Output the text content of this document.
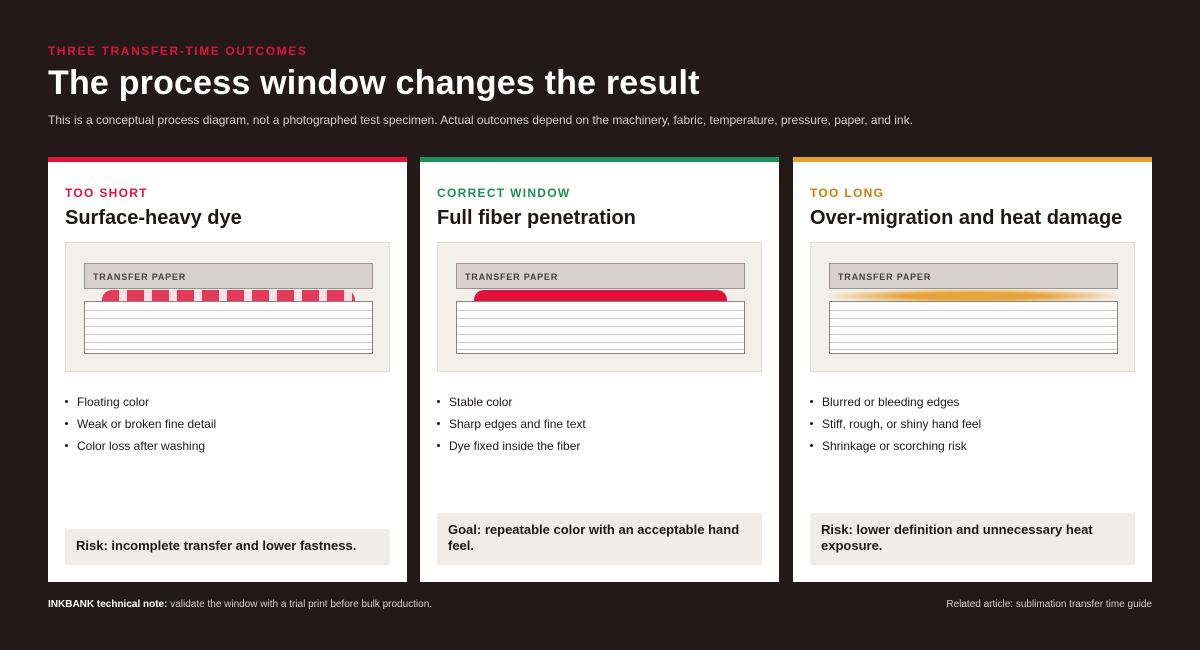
THREE TRANSFER-TIME OUTCOMES
The process window changes the result
This is a conceptual process diagram, not a photographed test specimen. Actual outcomes depend on the machinery, fabric, temperature, pressure, paper, and ink.
TOO SHORT
Surface-heavy dye
TRANSFER PAPER
Floating color
Weak or broken fine detail
Color loss after washing
Risk: incomplete transfer and lower fastness.
CORRECT WINDOW
Full fiber penetration
TRANSFER PAPER
Stable color
Sharp edges and fine text
Dye fixed inside the fiber
Goal: repeatable color with an acceptable hand feel.
TOO LONG
Over-migration and heat damage
TRANSFER PAPER
Blurred or bleeding edges
Stiff, rough, or shiny hand feel
Shrinkage or scorching risk
Risk: lower definition and unnecessary heat exposure.
INKBANK technical note: validate the window with a trial print before bulk production.	Related article: sublimation transfer time guide
